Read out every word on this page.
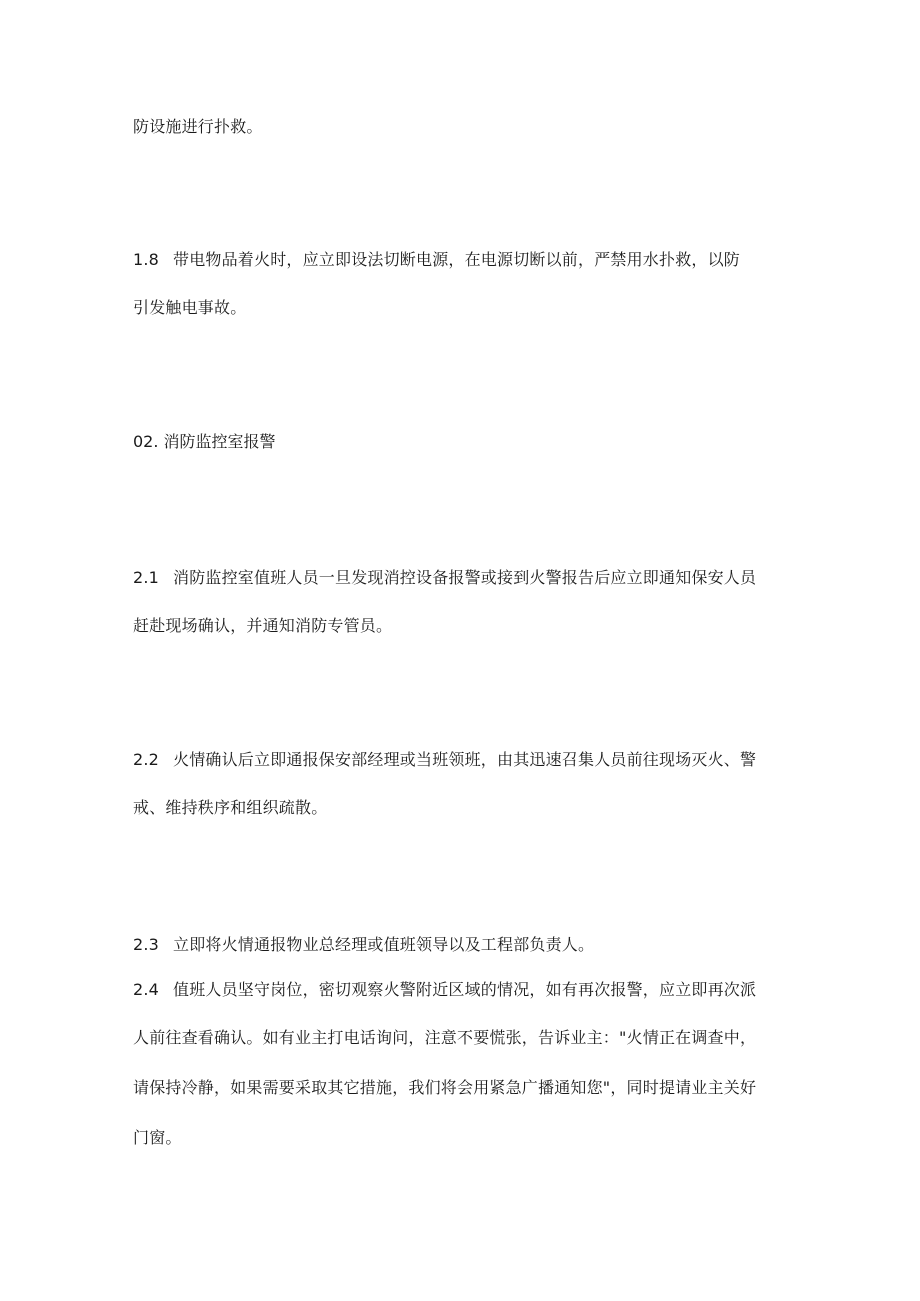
防设施进行扑救。
1.8 带电物品着火时，应立即设法切断电源，在电源切断以前，严禁用水扑救，以防
引发触电事故。
02. 消防监控室报警
2.1 消防监控室值班人员一旦发现消控设备报警或接到火警报告后应立即通知保安人员
赶赴现场确认，并通知消防专管员。
2.2 火情确认后立即通报保安部经理或当班领班，由其迅速召集人员前往现场灭火、警
戒、维持秩序和组织疏散。
2.3 立即将火情通报物业总经理或值班领导以及工程部负责人。
2.4 值班人员坚守岗位，密切观察火警附近区域的情况，如有再次报警，应立即再次派
人前往查看确认。如有业主打电话询问，注意不要慌张，告诉业主："火情正在调查中，
请保持冷静，如果需要采取其它措施，我们将会用紧急广播通知您"，同时提请业主关好
门窗。
